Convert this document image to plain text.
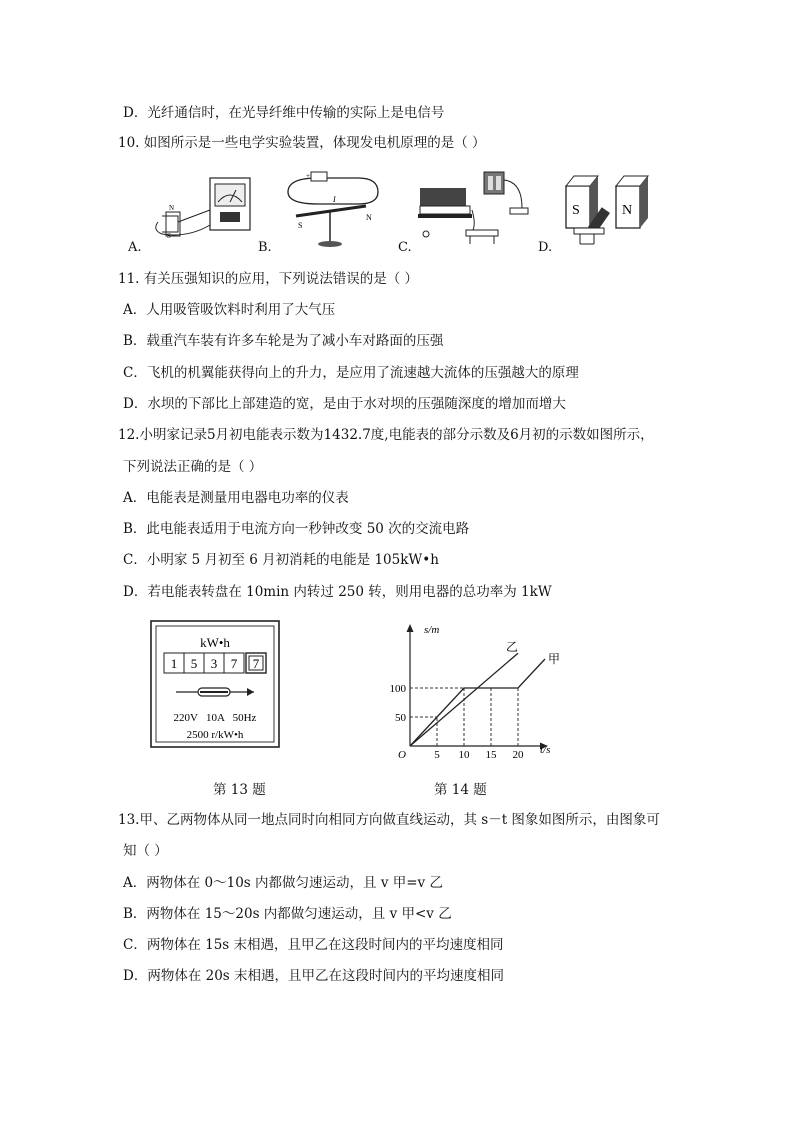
D．光纤通信时，在光导纤维中传输的实际上是电信号
10. 如图所示是一些电学实验装置，体现发电机原理的是（ ）
A.	B.	C.	D.
N
S
+
S
N
I
S	N
11. 有关压强知识的应用，下列说法错误的是（ ）
A．人用吸管吸饮料时利用了大气压
B．载重汽车装有许多车轮是为了减小车对路面的压强
C．飞机的机翼能获得向上的升力，是应用了流速越大流体的压强越大的原理
D．水坝的下部比上部建造的宽，是由于水对坝的压强随深度的增加而增大
12.小明家记录5月初电能表示数为1432.7度,电能表的部分示数及6月初的示数如图所示，
下列说法正确的是（ ）
A．电能表是测量用电器电功率的仪表
B．此电能表适用于电流方向一秒钟改变 50 次的交流电路
C．小明家 5 月初至 6 月初消耗的电能是 105kW•h
D．若电能表转盘在 10min 内转过 250 转，则用电器的总功率为 1kW
kW•h
1 5 3 7 7
220V   10A   50Hz
2500 r/kW•h
s/m
t/s
O	5 10 15 20
50
100
乙
甲
第 13 题	第 14 题
13.甲、乙两物体从同一地点同时向相同方向做直线运动，其 s－t 图象如图所示，由图象可
知（ ）
A．两物体在 0～10s 内都做匀速运动，且 v 甲=v 乙
B．两物体在 15～20s 内都做匀速运动，且 v 甲<v 乙
C．两物体在 15s 末相遇，且甲乙在这段时间内的平均速度相同
D．两物体在 20s 末相遇，且甲乙在这段时间内的平均速度相同
